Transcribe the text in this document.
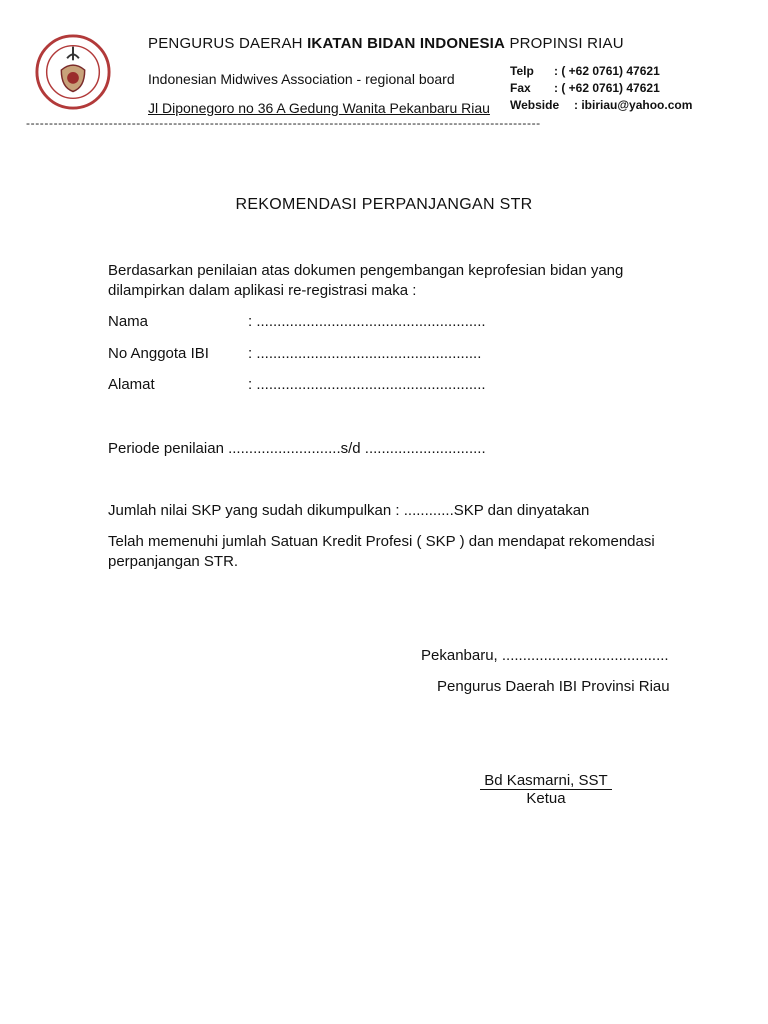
PENGURUS DAERAH IKATAN BIDAN INDONESIA PROPINSI RIAU
Indonesian Midwives Association - regional board
Jl Diponegoro no 36 A Gedung Wanita Pekanbaru Riau
Telp : ( +62 0761) 47621
Fax : ( +62 0761) 47621
Webside : ibiriau@yahoo.com
----------------------------------------------------------------------------------------------------------------
REKOMENDASI PERPANJANGAN STR
Berdasarkan penilaian atas dokumen pengembangan keprofesian bidan yang
dilampirkan dalam aplikasi re-registrasi maka :
Nama	: .......................................................
No Anggota IBI	: ......................................................
Alamat	: .......................................................
Periode penilaian ...........................s/d .............................
Jumlah nilai SKP yang sudah dikumpulkan : ............SKP dan dinyatakan
Telah memenuhi jumlah Satuan Kredit Profesi ( SKP ) dan mendapat rekomendasi
perpanjangan STR.
Pekanbaru, ........................................
Pengurus Daerah IBI Provinsi Riau
Bd Kasmarni, SST
Ketua
